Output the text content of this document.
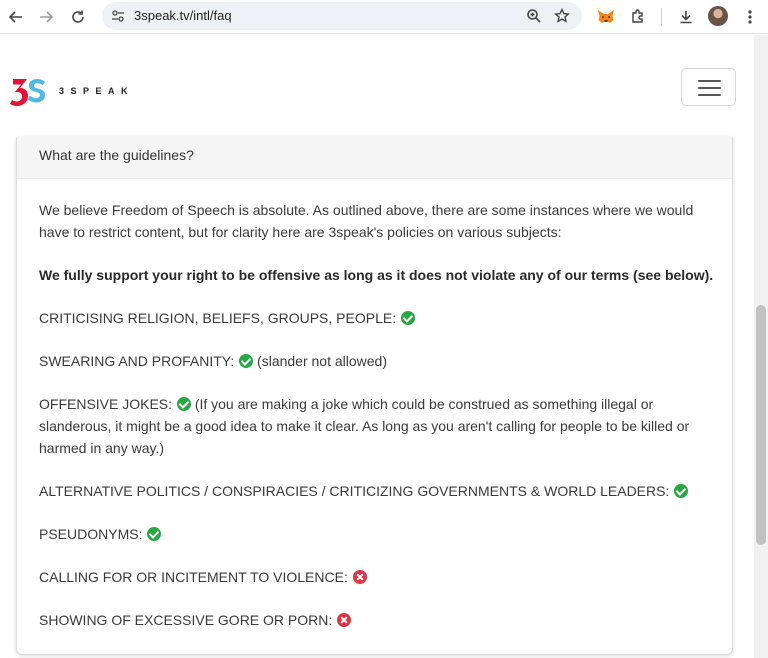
3speak.tv/intl/faq
3SPEAK
What are the guidelines?

We believe Freedom of Speech is absolute. As outlined above, there are some instances where we would have to restrict content, but for clarity here are 3speak's policies on various subjects:

We fully support your right to be offensive as long as it does not violate any of our terms (see below).

CRITICISING RELIGION, BELIEFS, GROUPS, PEOPLE:

SWEARING AND PROFANITY: (slander not allowed)

OFFENSIVE JOKES: (If you are making a joke which could be construed as something illegal or slanderous, it might be a good idea to make it clear. As long as you aren't calling for people to be killed or harmed in any way.)

ALTERNATIVE POLITICS / CONSPIRACIES / CRITICIZING GOVERNMENTS & WORLD LEADERS:

PSEUDONYMS:

CALLING FOR OR INCITEMENT TO VIOLENCE:

SHOWING OF EXCESSIVE GORE OR PORN:
